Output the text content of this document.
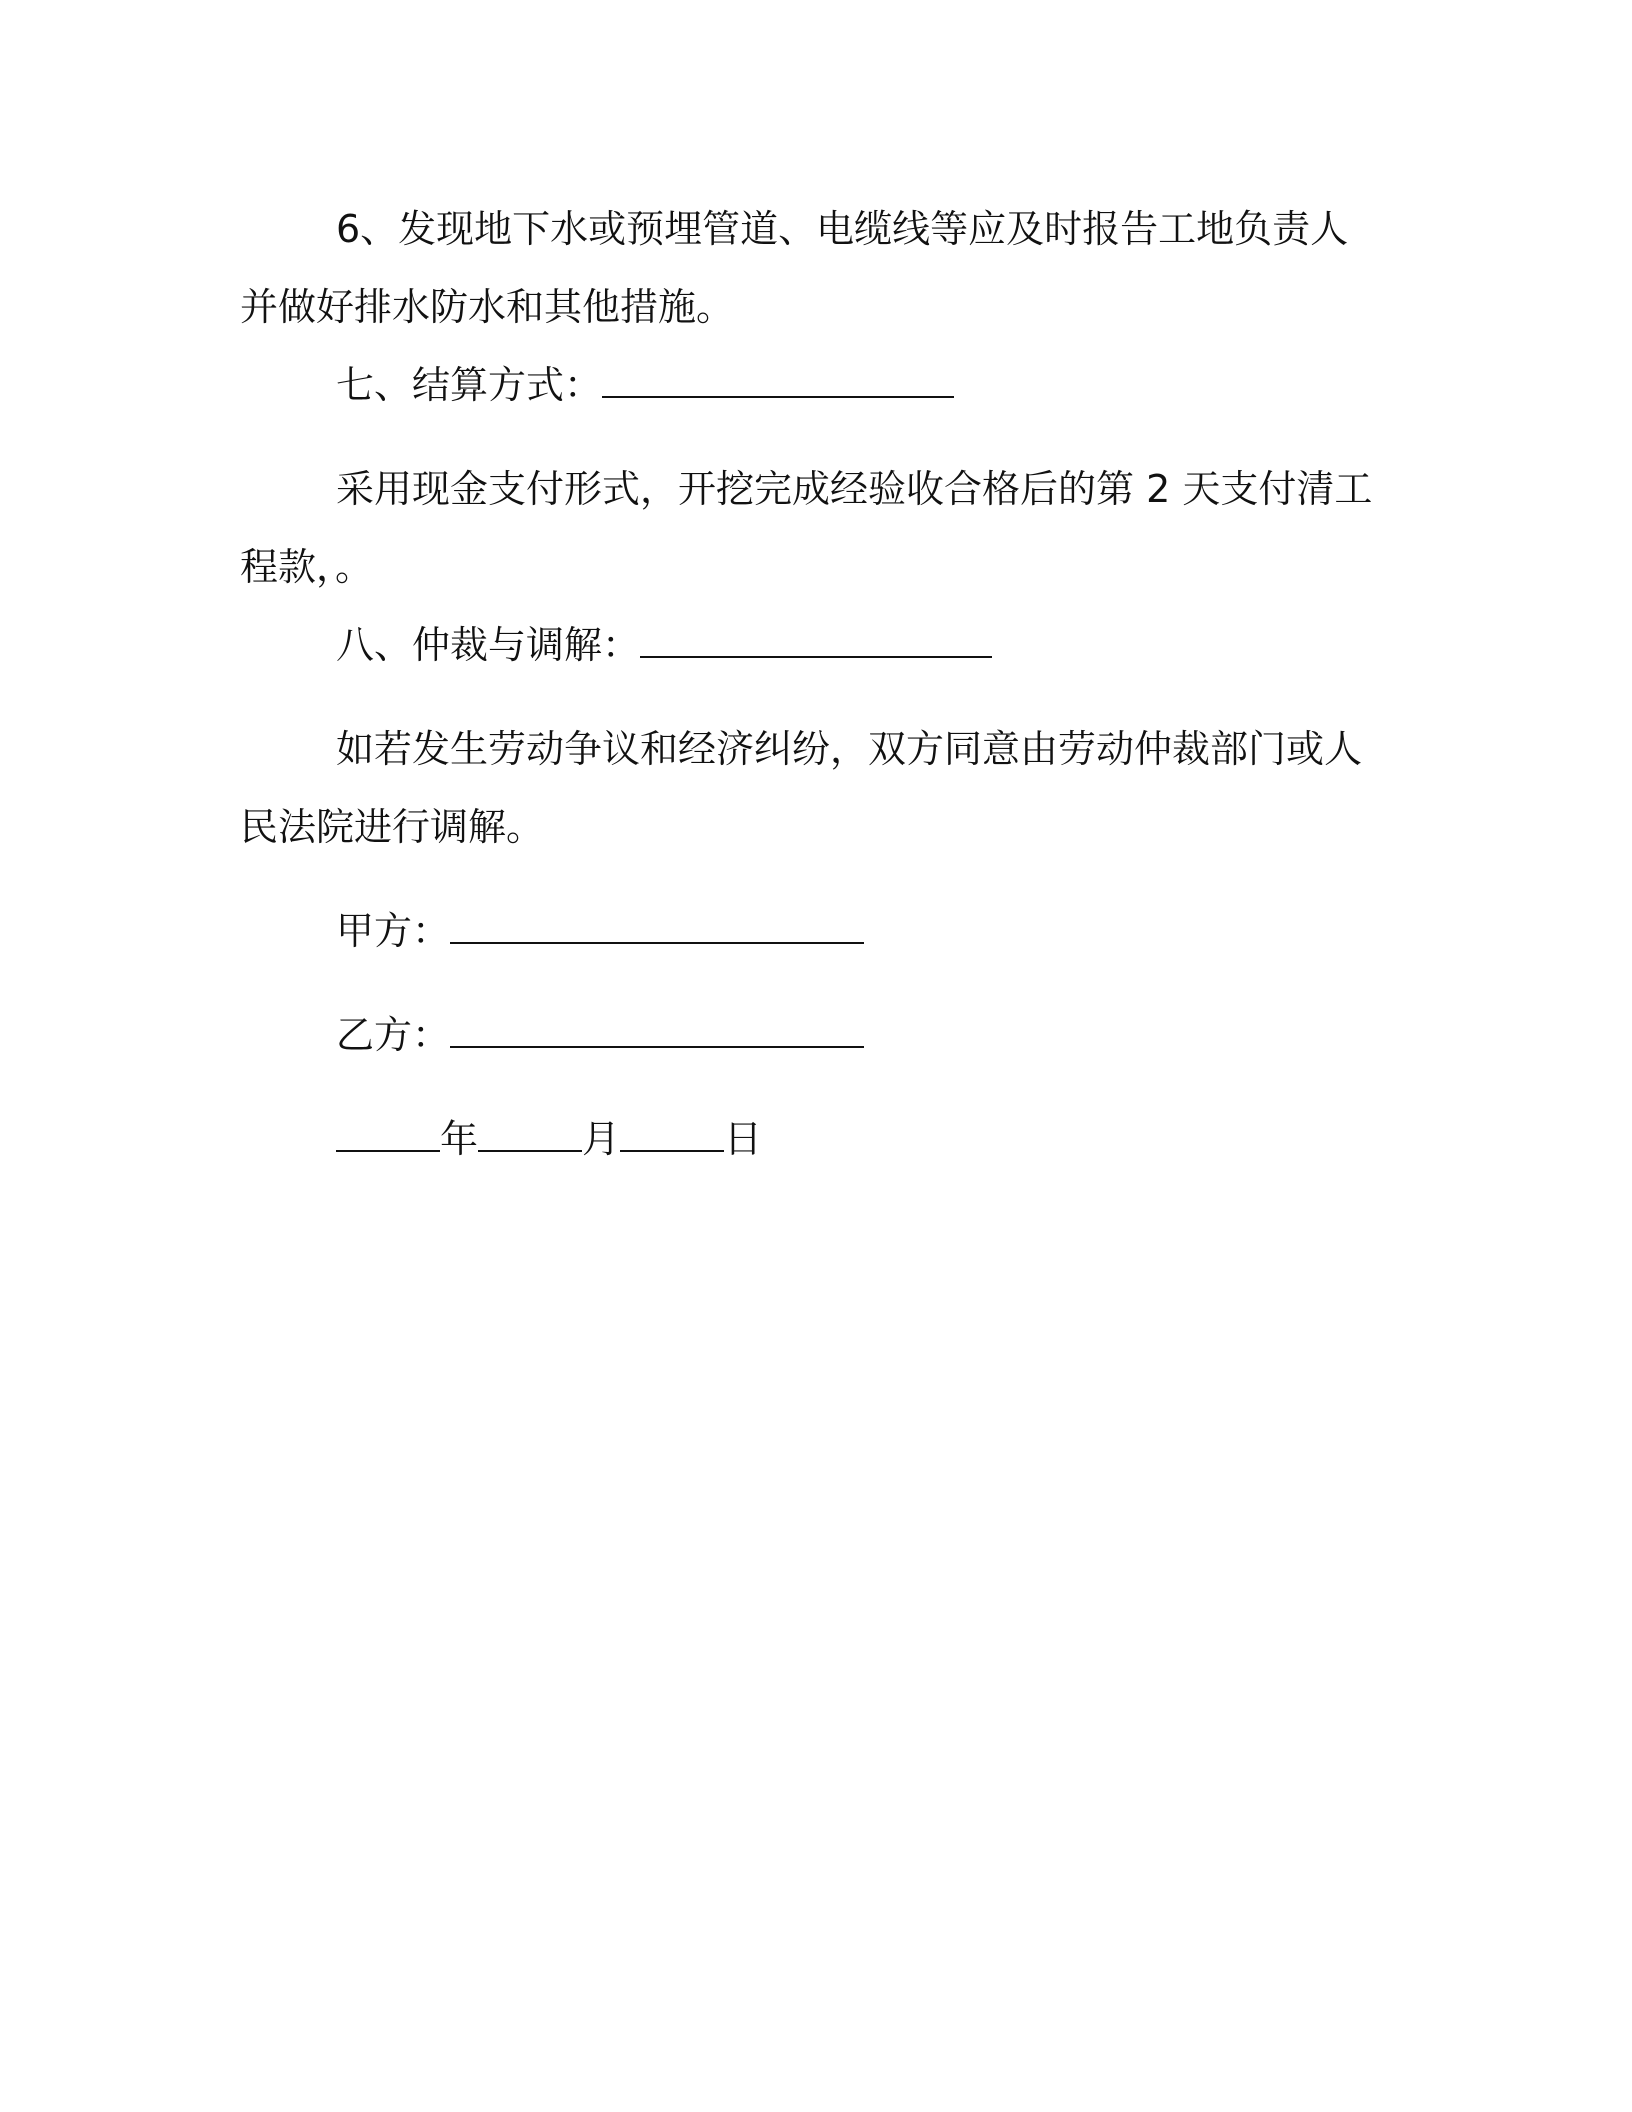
6、发现地下水或预埋管道、电缆线等应及时报告工地负责人并做好排水防水和其他措施。

七、结算方式：

采用现金支付形式，开挖完成经验收合格后的第 2 天支付清工程款，。

八、仲裁与调解：

如若发生劳动争议和经济纠纷，双方同意由劳动仲裁部门或人民法院进行调解。

甲方：

乙方：

年	月	日
